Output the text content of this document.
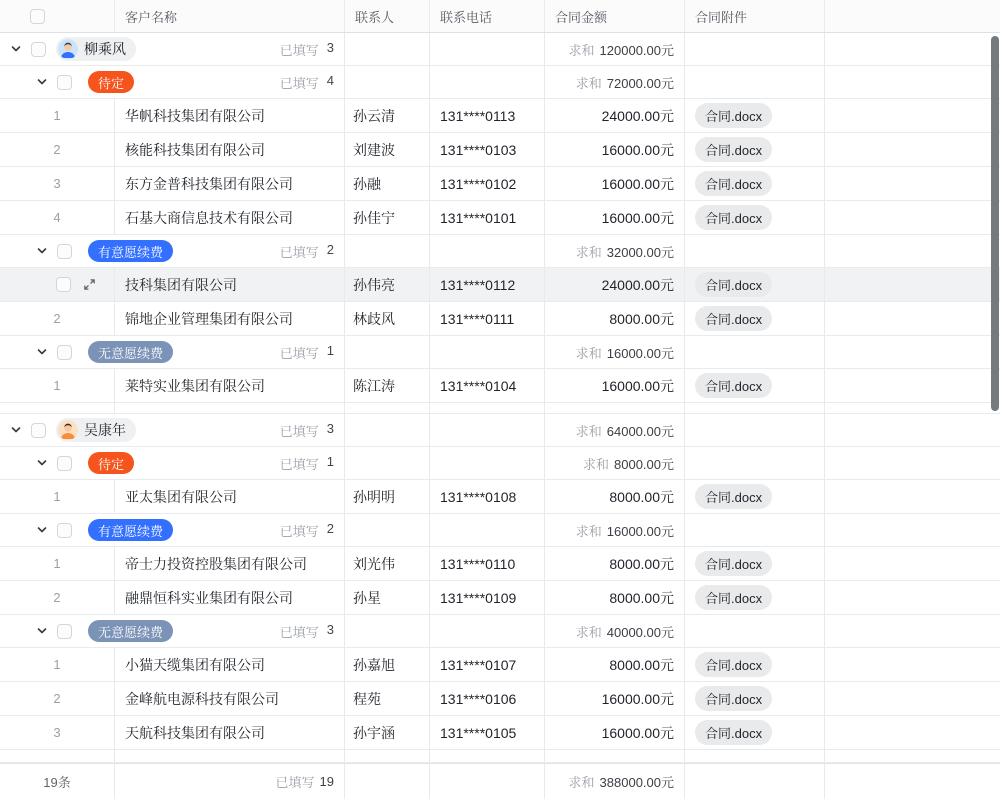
客户名称	联系人	联系电话	合同金额	合同附件
柳乘风	已填写 3	求和 120000.00元
待定	已填写 4	求和 72000.00元
1	华帆科技集团有限公司	孙云清	131****0113	24000.00元	合同.docx
2	核能科技集团有限公司	刘建波	131****0103	16000.00元	合同.docx
3	东方金普科技集团有限公司	孙融	131****0102	16000.00元	合同.docx
4	石基大商信息技术有限公司	孙佳宁	131****0101	16000.00元	合同.docx
有意愿续费	已填写 2	求和 32000.00元
技科集团有限公司	孙伟亮	131****0112	24000.00元	合同.docx
2	锦地企业管理集团有限公司	林歧风	131****0111	8000.00元	合同.docx
无意愿续费	已填写 1	求和 16000.00元
1	莱特实业集团有限公司	陈江涛	131****0104	16000.00元	合同.docx
吴康年	已填写 3	求和 64000.00元
待定	已填写 1	求和 8000.00元
1	亚太集团有限公司	孙明明	131****0108	8000.00元	合同.docx
有意愿续费	已填写 2	求和 16000.00元
1	帝士力投资控股集团有限公司	刘光伟	131****0110	8000.00元	合同.docx
2	融鼎恒科实业集团有限公司	孙星	131****0109	8000.00元	合同.docx
无意愿续费	已填写 3	求和 40000.00元
1	小猫天缆集团有限公司	孙嘉旭	131****0107	8000.00元	合同.docx
2	金峰航电源科技有限公司	程苑	131****0106	16000.00元	合同.docx
3	天航科技集团有限公司	孙宇涵	131****0105	16000.00元	合同.docx
19条	已填写 19	求和 388000.00元
